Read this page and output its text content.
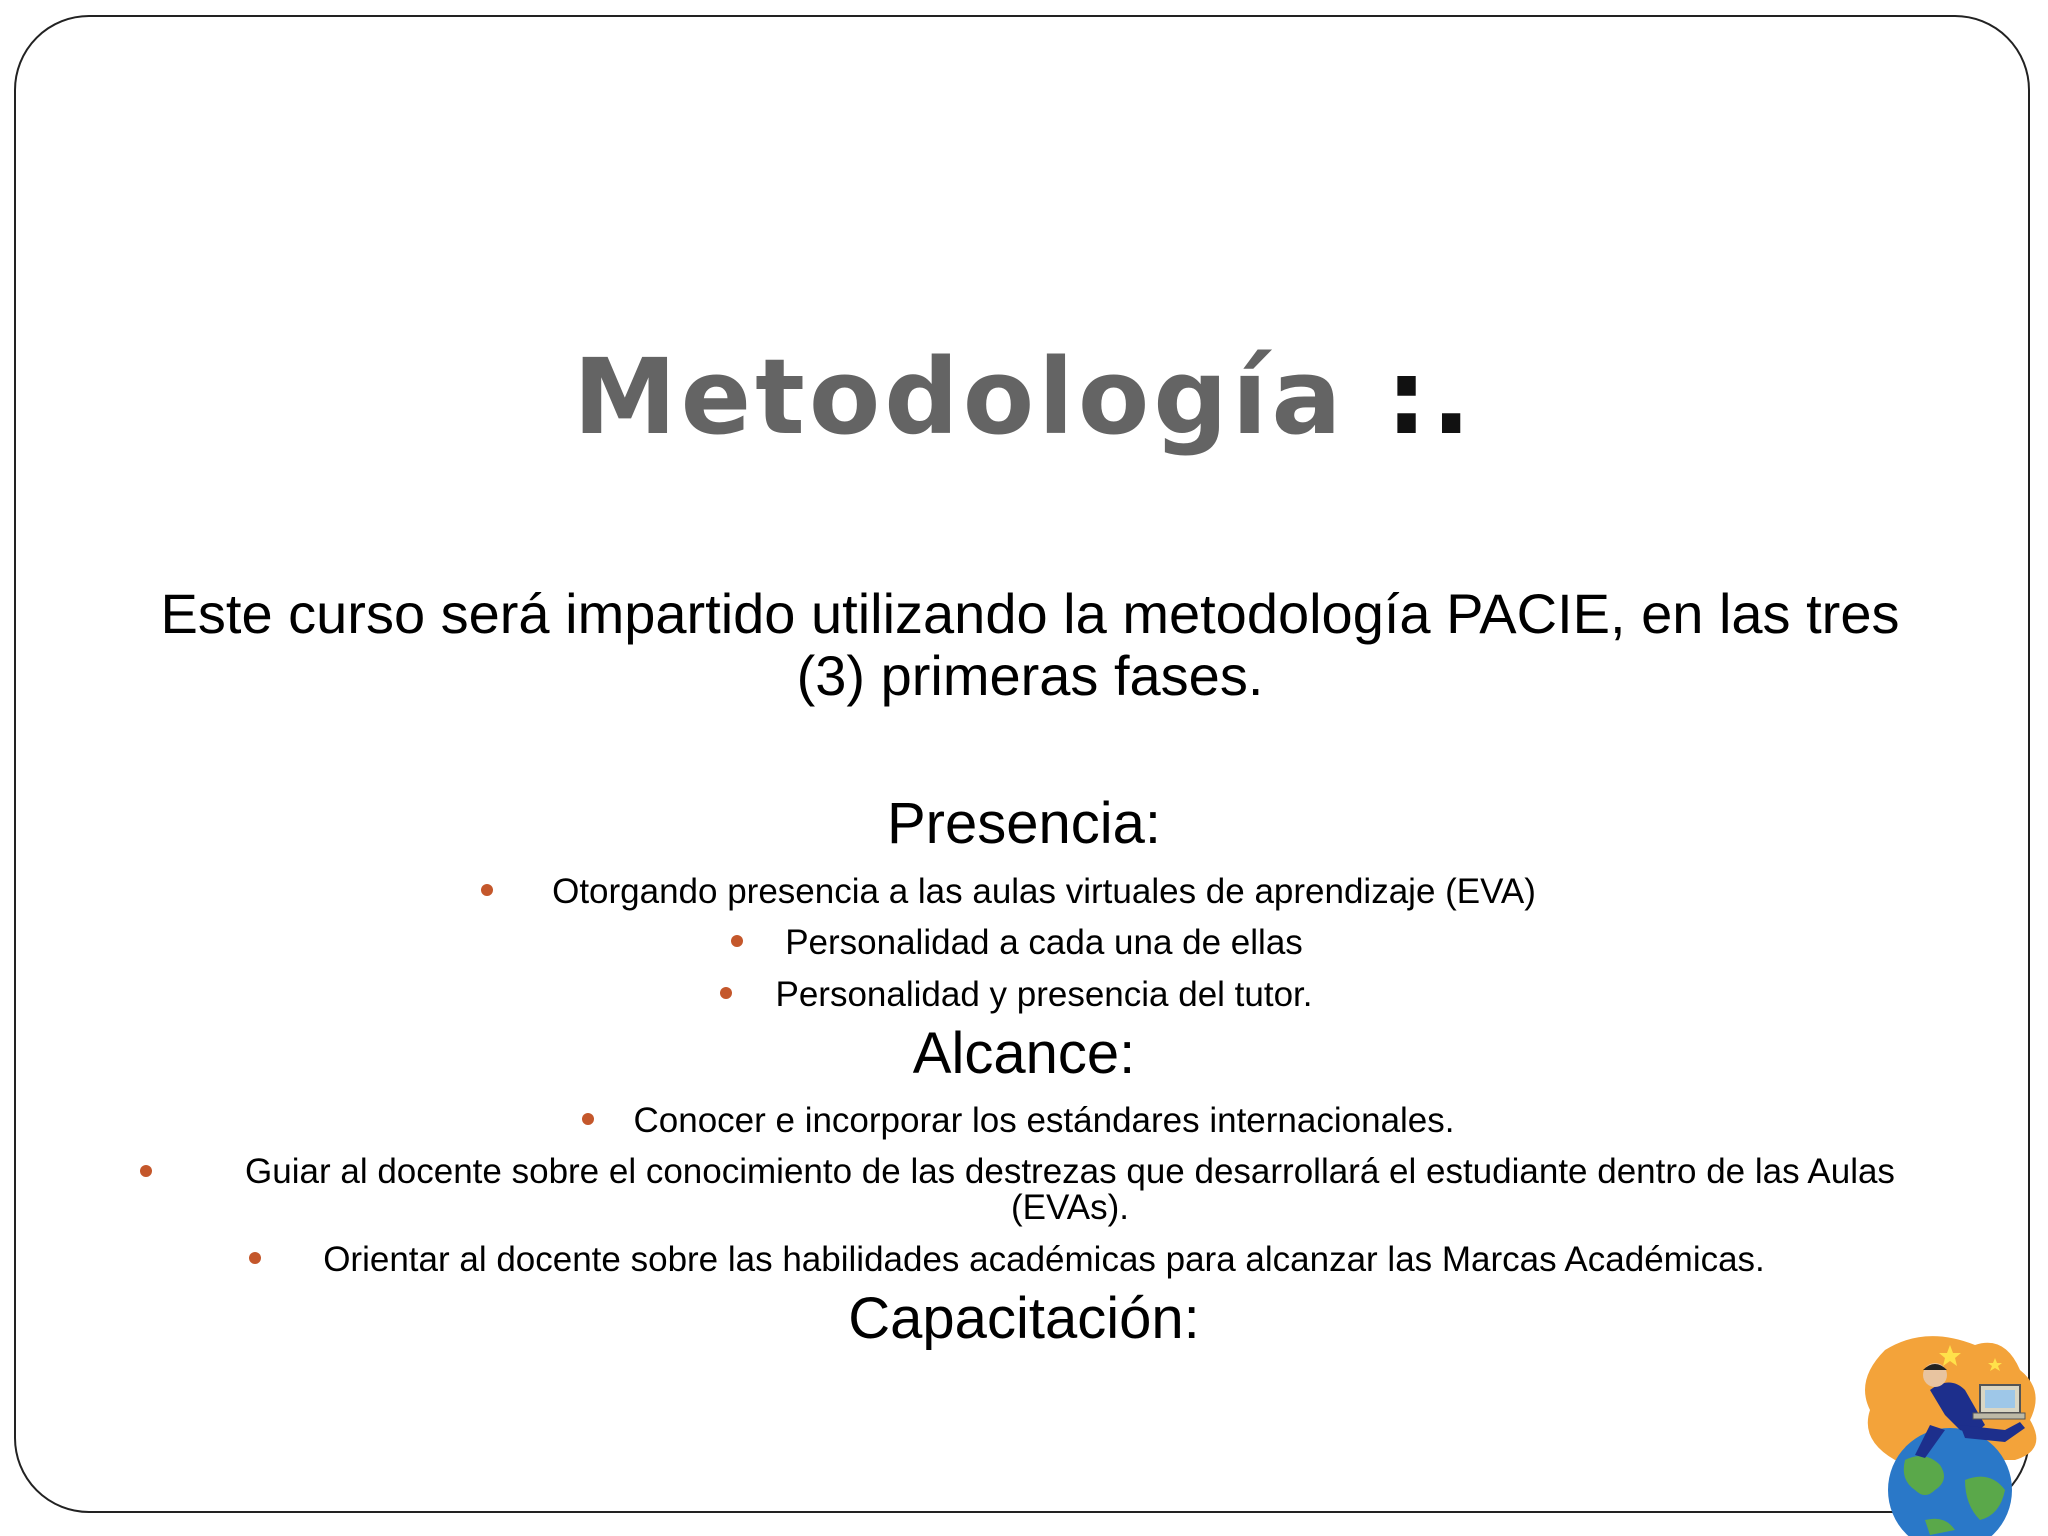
Metodología :.
Este curso será impartido utilizando la metodología PACIE, en las tres (3) primeras fases.
Presencia:
Otorgando presencia a las aulas virtuales de aprendizaje (EVA)
Personalidad a cada una de ellas
Personalidad y presencia del tutor.
Alcance:
Conocer e incorporar los estándares internacionales.
Guiar al docente sobre el conocimiento de las destrezas que desarrollará el estudiante dentro de las Aulas (EVAs).
Orientar al docente sobre las habilidades académicas para alcanzar las Marcas Académicas.
Capacitación:
